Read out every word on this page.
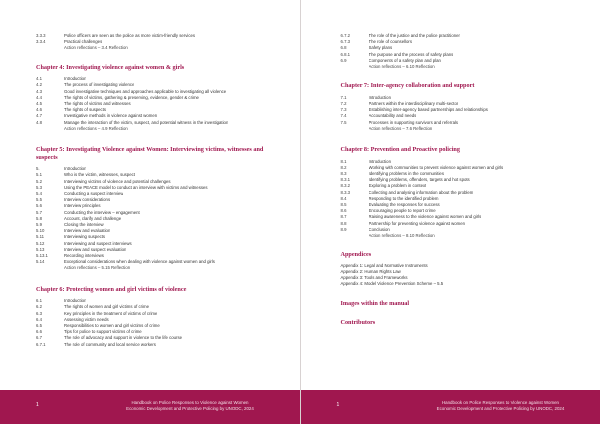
3.3.3	Police officers are seen as the police as more victim-friendly services
3.3.4	Practical challenges
Action reflections – 3.4 Reflection
Chapter 4: Investigating violence against women & girls
4.1	Introduction
4.2	The process of investigating violence
4.3	Good investigative techniques and approaches applicable to investigating all violence
4.4	The rights of victims, gathering & preserving, evidence, gender & crime
4.5	The rights of victims and witnesses
4.6	The rights of suspects
4.7	Investigative methods in violence against women
4.8	Manage the interaction of the victim, suspect, and potential witness in the investigation
Action reflections – 4.9 Reflection
Chapter 5: Investigating Violence against Women: Interviewing victims, witnesses and suspects
5.	Introduction
5.1	Who is the victim, witnesses, suspect
5.2	Interviewing victims of violence and potential challenges
5.3	Using the PEACE model to conduct an interview with victims and witnesses
5.4	Conducting a suspect interview
5.5	Interview considerations
5.6	Interview principles
5.7	Conducting the interview – engagement
5.8	Account, clarify and challenge
5.9	Closing the interview
5.10	Interview and evaluation
5.11	Interviewing suspects
5.12	Interviewing and suspect interviews
5.13	Interview and suspect evaluation
5.13.1	Recording interviews
5.14	Exceptional considerations when dealing with violence against women and girls
Action reflections – 5.15 Reflection
Chapter 6: Protecting women and girl victims of violence
6.1	Introduction
6.2	The rights of women and girl victims of crime
6.3	Key principles in the treatment of victims of crime
6.4	Assessing victim needs
6.5	Responsibilities to women and girl victims of crime
6.6	Tips for police to support victims of crime
6.7	The role of advocacy and support in violence to the life course
6.7.1	The role of community and local service workers
1	Handbook on Police Responses to Violence against Women
Economic Development and Protective Policing by UNODC, 2024
6.7.2	The role of the justice and the police practitioner
6.7.3	The role of counsellors
6.8	Safety plans
6.8.1	The purpose and the process of safety plans
6.9	Components of a safety plan and plan
Action reflections – 6.10 Reflection
Chapter 7: Inter-agency collaboration and support
7.1	Introduction
7.2	Partners within the interdisciplinary multi-sector
7.3	Establishing inter-agency based partnerships and relationships
7.4	Accountability and needs
7.5	Processes in supporting survivors and referrals
Action reflections – 7.6 Reflection
Chapter 8: Prevention and Proactive policing
8.1	Introduction
8.2	Working with communities to prevent violence against women and girls
8.3	Identifying problems in the communities
8.3.1	Identifying problems, offenders, targets and hot spots
8.3.2	Exploring a problem in context
8.3.3	Collecting and analysing information about the problem
8.4	Responding to the identified problem
8.5	Evaluating the responses for success
8.6	Encouraging people to report crime
8.7	Raising awareness to the violence against women and girls
8.8	Partnership for preventing violence against women
8.9	Conclusion
Action reflections – 8.10 Reflection
Appendices
Appendix 1: Legal and Normative Instruments
Appendix 2: Human Rights Law
Appendix 3: Tools and Frameworks
Appendix 4: Model Violence Prevention Scheme – 5.5
Images within the manual
Contributors
1	Handbook on Police Responses to Violence against Women
Economic Development and Protective Policing by UNODC, 2024
